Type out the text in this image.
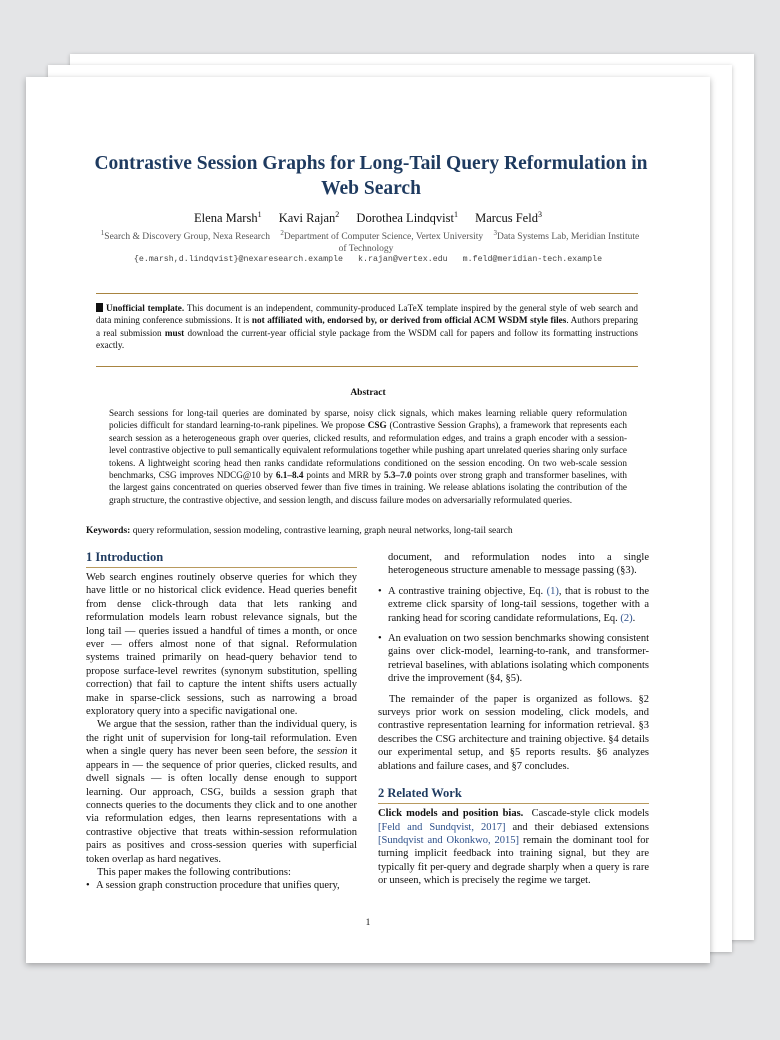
Contrastive Session Graphs for Long-Tail Query Reformulation in Web Search
Elena Marsh$^1$ Kavi Rajan$^2$ Dorothea Lindqvist$^1$ Marcus Feld$^3$
$^1$Search & Discovery Group, Nexa Research $^2$Department of Computer Science, Vertex University $^3$Data Systems Lab, Meridian Institute of Technology
{e.marsh,d.lindqvist}@nexaresearch.example k.rajan@vertex.edu m.feld@meridian-tech.example
Unofficial template. This document is an independent, community-produced LaTeX template inspired by the general style of web search and data mining conference submissions. It is not affiliated with, endorsed by, or derived from official ACM WSDM style files. Authors preparing a real submission must download the current-year official style package from the WSDM call for papers and follow its formatting instructions exactly.
Abstract
Search sessions for long-tail queries are dominated by sparse, noisy click signals, which makes learning reliable query reformulation policies difficult for standard learning-to-rank pipelines. We propose CSG (Contrastive Session Graphs), a framework that represents each search session as a heterogeneous graph over queries, clicked results, and reformulation edges, and trains a graph encoder with a session-level contrastive objective to pull semantically equivalent reformulations together while pushing apart unrelated queries sharing only surface tokens. A lightweight scoring head then ranks candidate reformulations conditioned on the session encoding. On two web-scale session benchmarks, CSG improves NDCG@10 by 6.1–8.4 points and MRR by 5.3–7.0 points over strong graph and transformer baselines, with the largest gains concentrated on queries observed fewer than five times in training. We release ablations isolating the contribution of the graph structure, the contrastive objective, and session length, and discuss failure modes on adversarially reformulated queries.
Keywords: query reformulation, session modeling, contrastive learning, graph neural networks, long-tail search
1 Introduction

Web search engines routinely observe queries for which they have little or no historical click evidence. Head queries benefit from dense click-through data that lets ranking and reformulation models learn robust relevance signals, but the long tail — queries issued a handful of times a month, or once ever — offers almost none of that signal. Reformulation systems trained primarily on head-query behavior tend to propose surface-level rewrites (synonym substitution, spelling correction) that fail to capture the intent shifts users actually make in sparse-click sessions, such as narrowing a broad exploratory query into a specific navigational one.

We argue that the session, rather than the individual query, is the right unit of supervision for long-tail reformulation. Even when a single query has never been seen before, the session it appears in — the sequence of prior queries, clicked results, and dwell signals — is often locally dense enough to support learning. Our approach, CSG, builds a session graph that connects queries to the documents they click and to one another via reformulation edges, then learns representations with a contrastive objective that treats within-session reformulation pairs as positives and cross-session queries with superficial token overlap as hard negatives.

This paper makes the following contributions:

• A session graph construction procedure that unifies query,

document, and reformulation nodes into a single heterogeneous structure amenable to message passing (§3).

• A contrastive training objective, Eq. (1), that is robust to the extreme click sparsity of long-tail sessions, together with a ranking head for scoring candidate reformulations, Eq. (2).

• An evaluation on two session benchmarks showing consistent gains over click-model, learning-to-rank, and transformer-retrieval baselines, with ablations isolating which components drive the improvement (§4, §5).

The remainder of the paper is organized as follows. §2 surveys prior work on session modeling, click models, and contrastive representation learning for information retrieval. §3 describes the CSG architecture and training objective. §4 details our experimental setup, and §5 reports results. §6 analyzes ablations and failure cases, and §7 concludes.

2 Related Work

Click models and position bias. Cascade-style click models [Feld and Sundqvist, 2017] and their debiased extensions [Sundqvist and Okonkwo, 2015] remain the dominant tool for turning implicit feedback into training signal, but they are typically fit per-query and degrade sharply when a query is rare or unseen, which is precisely the regime we target.

1
